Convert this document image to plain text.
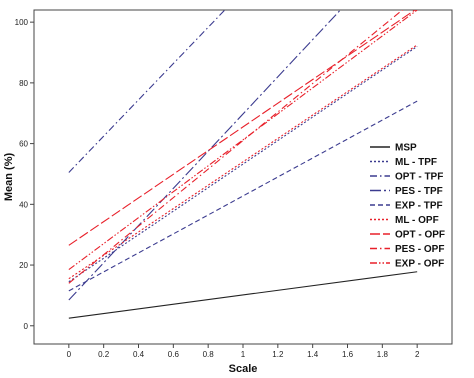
0	0.2	0.4	0.6	0.8	1	1.2	1.4	1.6	1.8	2
0
20
40
60
80
100
Scale
Mean (%)
MSP
ML - TPF
OPT - TPF
PES - TPF
EXP - TPF
ML - OPF
OPT - OPF
PES - OPF
EXP - OPF
